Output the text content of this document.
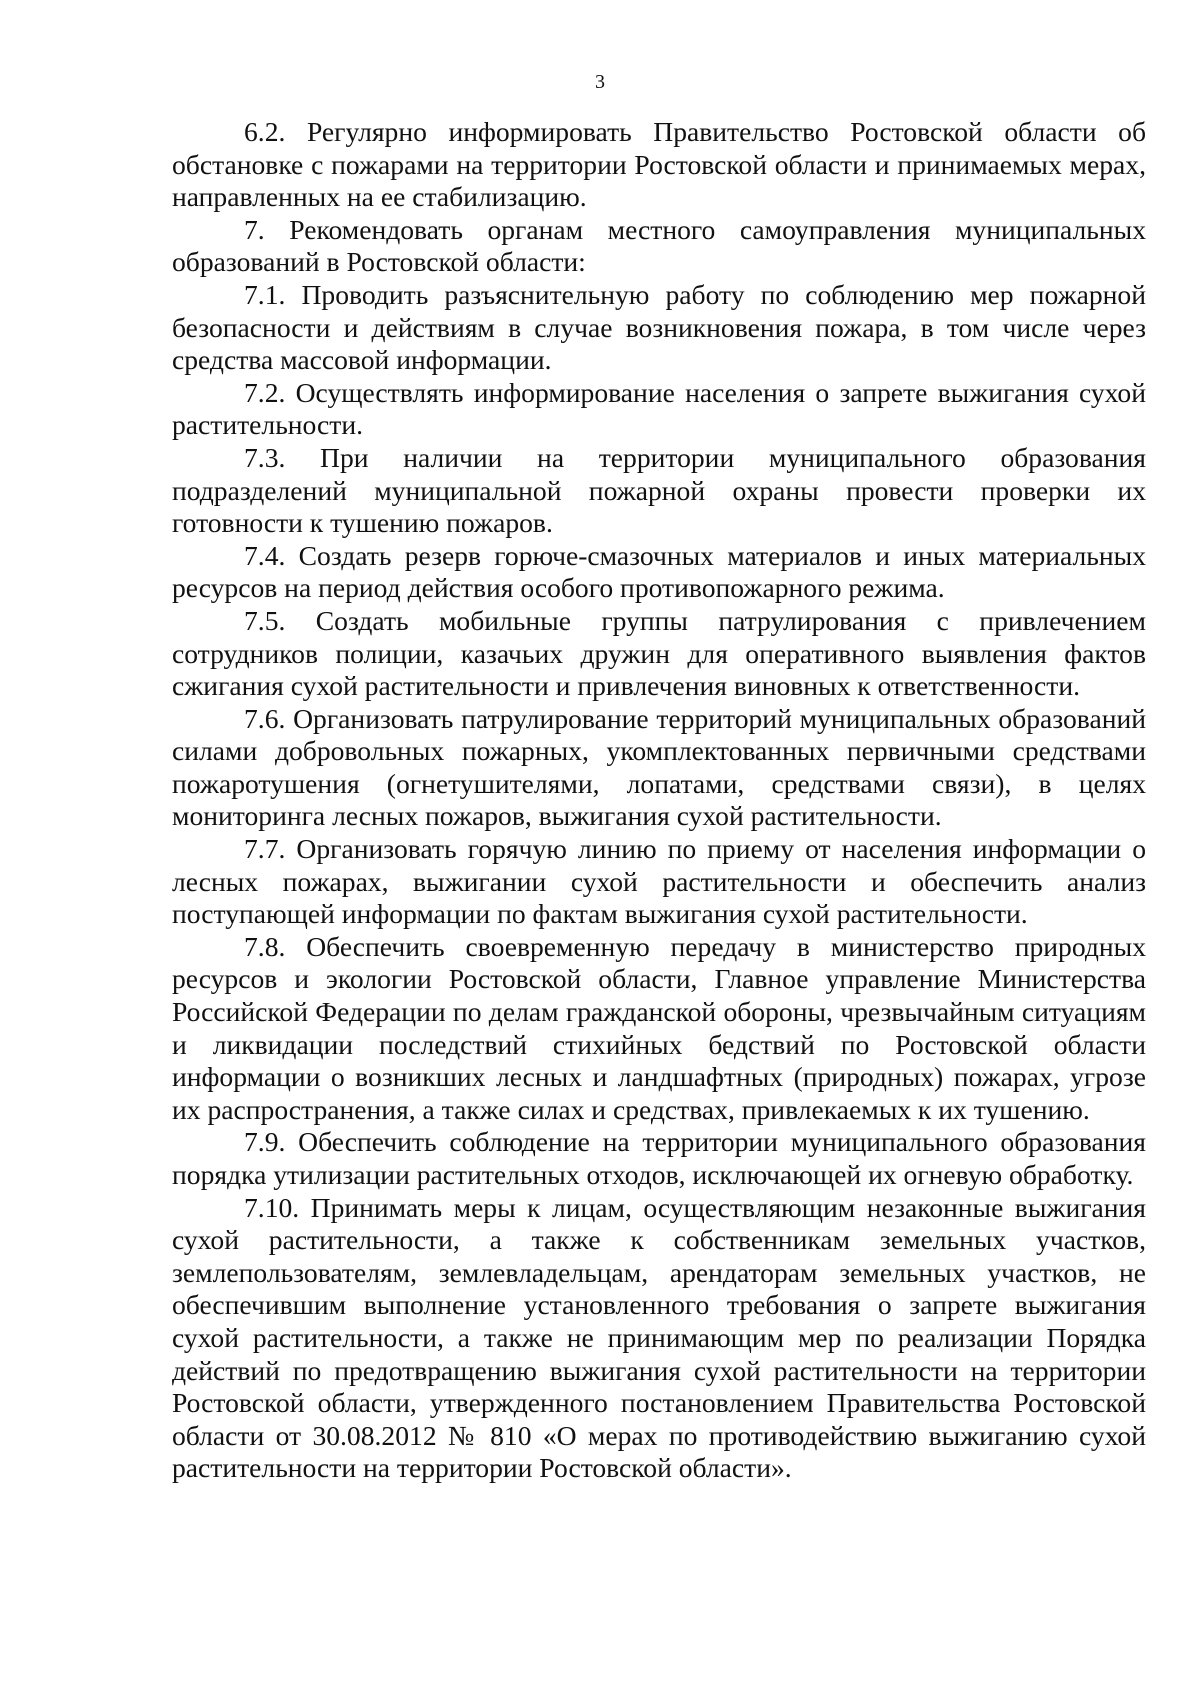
3

6.2. Регулярно информировать Правительство Ростовской области об обстановке с пожарами на территории Ростовской области и принимаемых мерах, направленных на ее стабилизацию.

7. Рекомендовать органам местного самоуправления муниципальных образований в Ростовской области:

7.1. Проводить разъяснительную работу по соблюдению мер пожарной безопасности и действиям в случае возникновения пожара, в том числе через средства массовой информации.

7.2. Осуществлять информирование населения о запрете выжигания сухой растительности.

7.3. При наличии на территории муниципального образования подразделений муниципальной пожарной охраны провести проверки их готовности к тушению пожаров.

7.4. Создать резерв горюче-смазочных материалов и иных материальных ресурсов на период действия особого противопожарного режима.

7.5. Создать мобильные группы патрулирования с привлечением сотрудников полиции, казачьих дружин для оперативного выявления фактов сжигания сухой растительности и привлечения виновных к ответственности.

7.6. Организовать патрулирование территорий муниципальных образований силами добровольных пожарных, укомплектованных первичными средствами пожаротушения (огнетушителями, лопатами, средствами связи), в целях мониторинга лесных пожаров, выжигания сухой растительности.

7.7. Организовать горячую линию по приему от населения информации о лесных пожарах, выжигании сухой растительности и обеспечить анализ поступающей информации по фактам выжигания сухой растительности.

7.8. Обеспечить своевременную передачу в министерство природных ресурсов и экологии Ростовской области, Главное управление Министерства Российской Федерации по делам гражданской обороны, чрезвычайным ситуациям и ликвидации последствий стихийных бедствий по Ростовской области информации о возникших лесных и ландшафтных (природных) пожарах, угрозе их распространения, а также силах и средствах, привлекаемых к их тушению.

7.9. Обеспечить соблюдение на территории муниципального образования порядка утилизации растительных отходов, исключающей их огневую обработку.

7.10. Принимать меры к лицам, осуществляющим незаконные выжигания сухой растительности, а также к собственникам земельных участков, землепользователям, землевладельцам, арендаторам земельных участков, не обеспечившим выполнение установленного требования о запрете выжигания сухой растительности, а также не принимающим мер по реализации Порядка действий по предотвращению выжигания сухой растительности на территории Ростовской области, утвержденного постановлением Правительства Ростовской области от 30.08.2012 № 810 «О мерах по противодействию выжиганию сухой растительности на территории Ростовской области».
